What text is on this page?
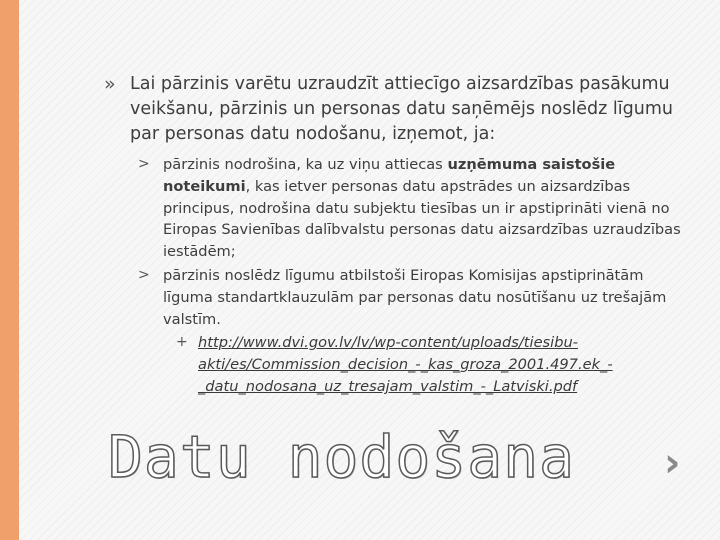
» Lai pārzinis varētu uzraudzīt attiecīgo aizsardzības pasākumu veikšanu, pārzinis un personas datu saņēmējs noslēdz līgumu par personas datu nodošanu, izņemot, ja:
> pārzinis nodrošina, ka uz viņu attiecas uzņēmuma saistošie noteikumi, kas ietver personas datu apstrādes un aizsardzības principus, nodrošina datu subjektu tiesības un ir apstiprināti vienā no Eiropas Savienības dalībvalstu personas datu aizsardzības uzraudzības iestādēm;
> pārzinis noslēdz līgumu atbilstoši Eiropas Komisijas apstiprinātām līguma standartklauzulām par personas datu nosūtīšanu uz trešajām valstīm.
+ http://www.dvi.gov.lv/lv/wp-content/uploads/tiesibu-akti/es/Commission_decision_-_kas_groza_2001.497.ek_-_datu_nodosana_uz_tresajam_valstim_-_Latviski.pdf
Datu nodošana ›
